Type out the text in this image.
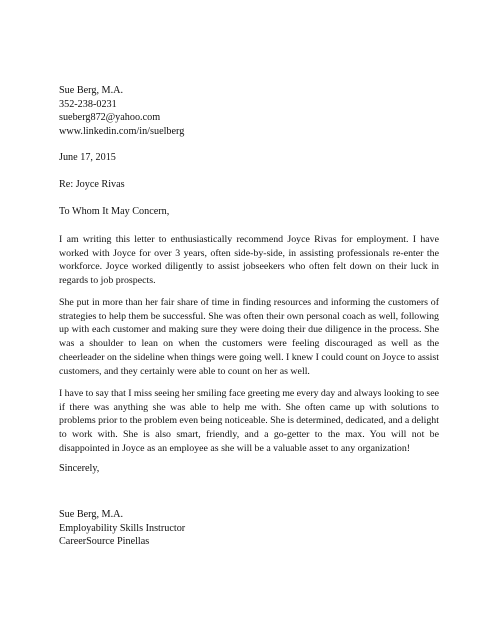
Sue Berg, M.A.
352-238-0231
sueberg872@yahoo.com
www.linkedin.com/in/suelberg
June 17, 2015
Re: Joyce Rivas
To Whom It May Concern,
I am writing this letter to enthusiastically recommend Joyce Rivas for employment. I have
worked with Joyce for over 3 years, often side-by-side, in assisting professionals re-enter the
workforce. Joyce worked diligently to assist jobseekers who often felt down on their luck in
regards to job prospects.
She put in more than her fair share of time in finding resources and informing the customers of
strategies to help them be successful. She was often their own personal coach as well, following
up with each customer and making sure they were doing their due diligence in the process. She
was a shoulder to lean on when the customers were feeling discouraged as well as the
cheerleader on the sideline when things were going well. I knew I could count on Joyce to assist
customers, and they certainly were able to count on her as well.
I have to say that I miss seeing her smiling face greeting me every day and always looking to see
if there was anything she was able to help me with. She often came up with solutions to
problems prior to the problem even being noticeable. She is determined, dedicated, and a delight
to work with. She is also smart, friendly, and a go-getter to the max. You will not be
disappointed in Joyce as an employee as she will be a valuable asset to any organization!
Sincerely,
Sue Berg, M.A.
Employability Skills Instructor
CareerSource Pinellas
